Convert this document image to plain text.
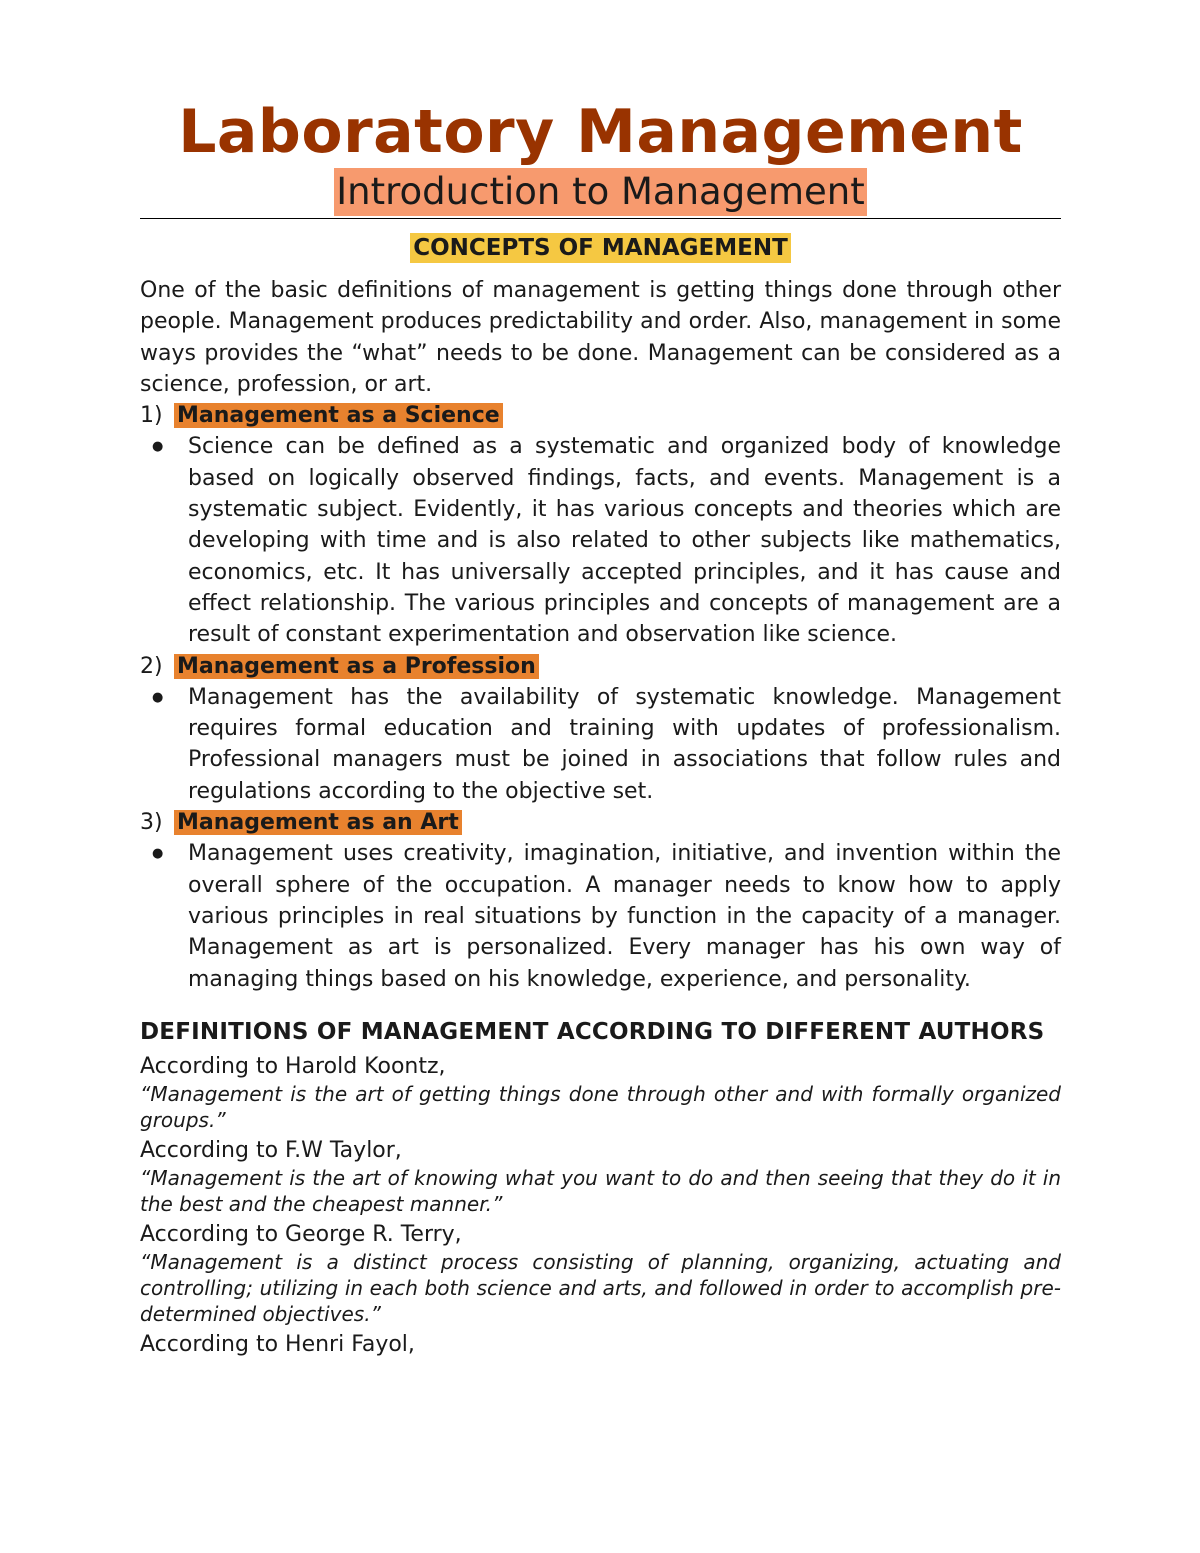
Laboratory Management
Introduction to Management
CONCEPTS OF MANAGEMENT

One of the basic definitions of management is getting things done through other people. Management produces predictability and order. Also, management in some ways provides the “what” needs to be done. Management can be considered as a science, profession, or art.

1) Management as a Science
● Science can be defined as a systematic and organized body of knowledge based on logically observed findings, facts, and events. Management is a systematic subject. Evidently, it has various concepts and theories which are developing with time and is also related to other subjects like mathematics, economics, etc. It has universally accepted principles, and it has cause and effect relationship. The various principles and concepts of management are a result of constant experimentation and observation like science.
2) Management as a Profession
● Management has the availability of systematic knowledge. Management requires formal education and training with updates of professionalism. Professional managers must be joined in associations that follow rules and regulations according to the objective set.
3) Management as an Art
● Management uses creativity, imagination, initiative, and invention within the overall sphere of the occupation. A manager needs to know how to apply various principles in real situations by function in the capacity of a manager. Management as art is personalized. Every manager has his own way of managing things based on his knowledge, experience, and personality.
DEFINITIONS OF MANAGEMENT ACCORDING TO DIFFERENT AUTHORS
According to Harold Koontz,
“Management is the art of getting things done through other and with formally organized groups.”
According to F.W Taylor,
“Management is the art of knowing what you want to do and then seeing that they do it in the best and the cheapest manner.”
According to George R. Terry,
“Management is a distinct process consisting of planning, organizing, actuating and controlling; utilizing in each both science and arts, and followed in order to accomplish pre-determined objectives.”
According to Henri Fayol,
